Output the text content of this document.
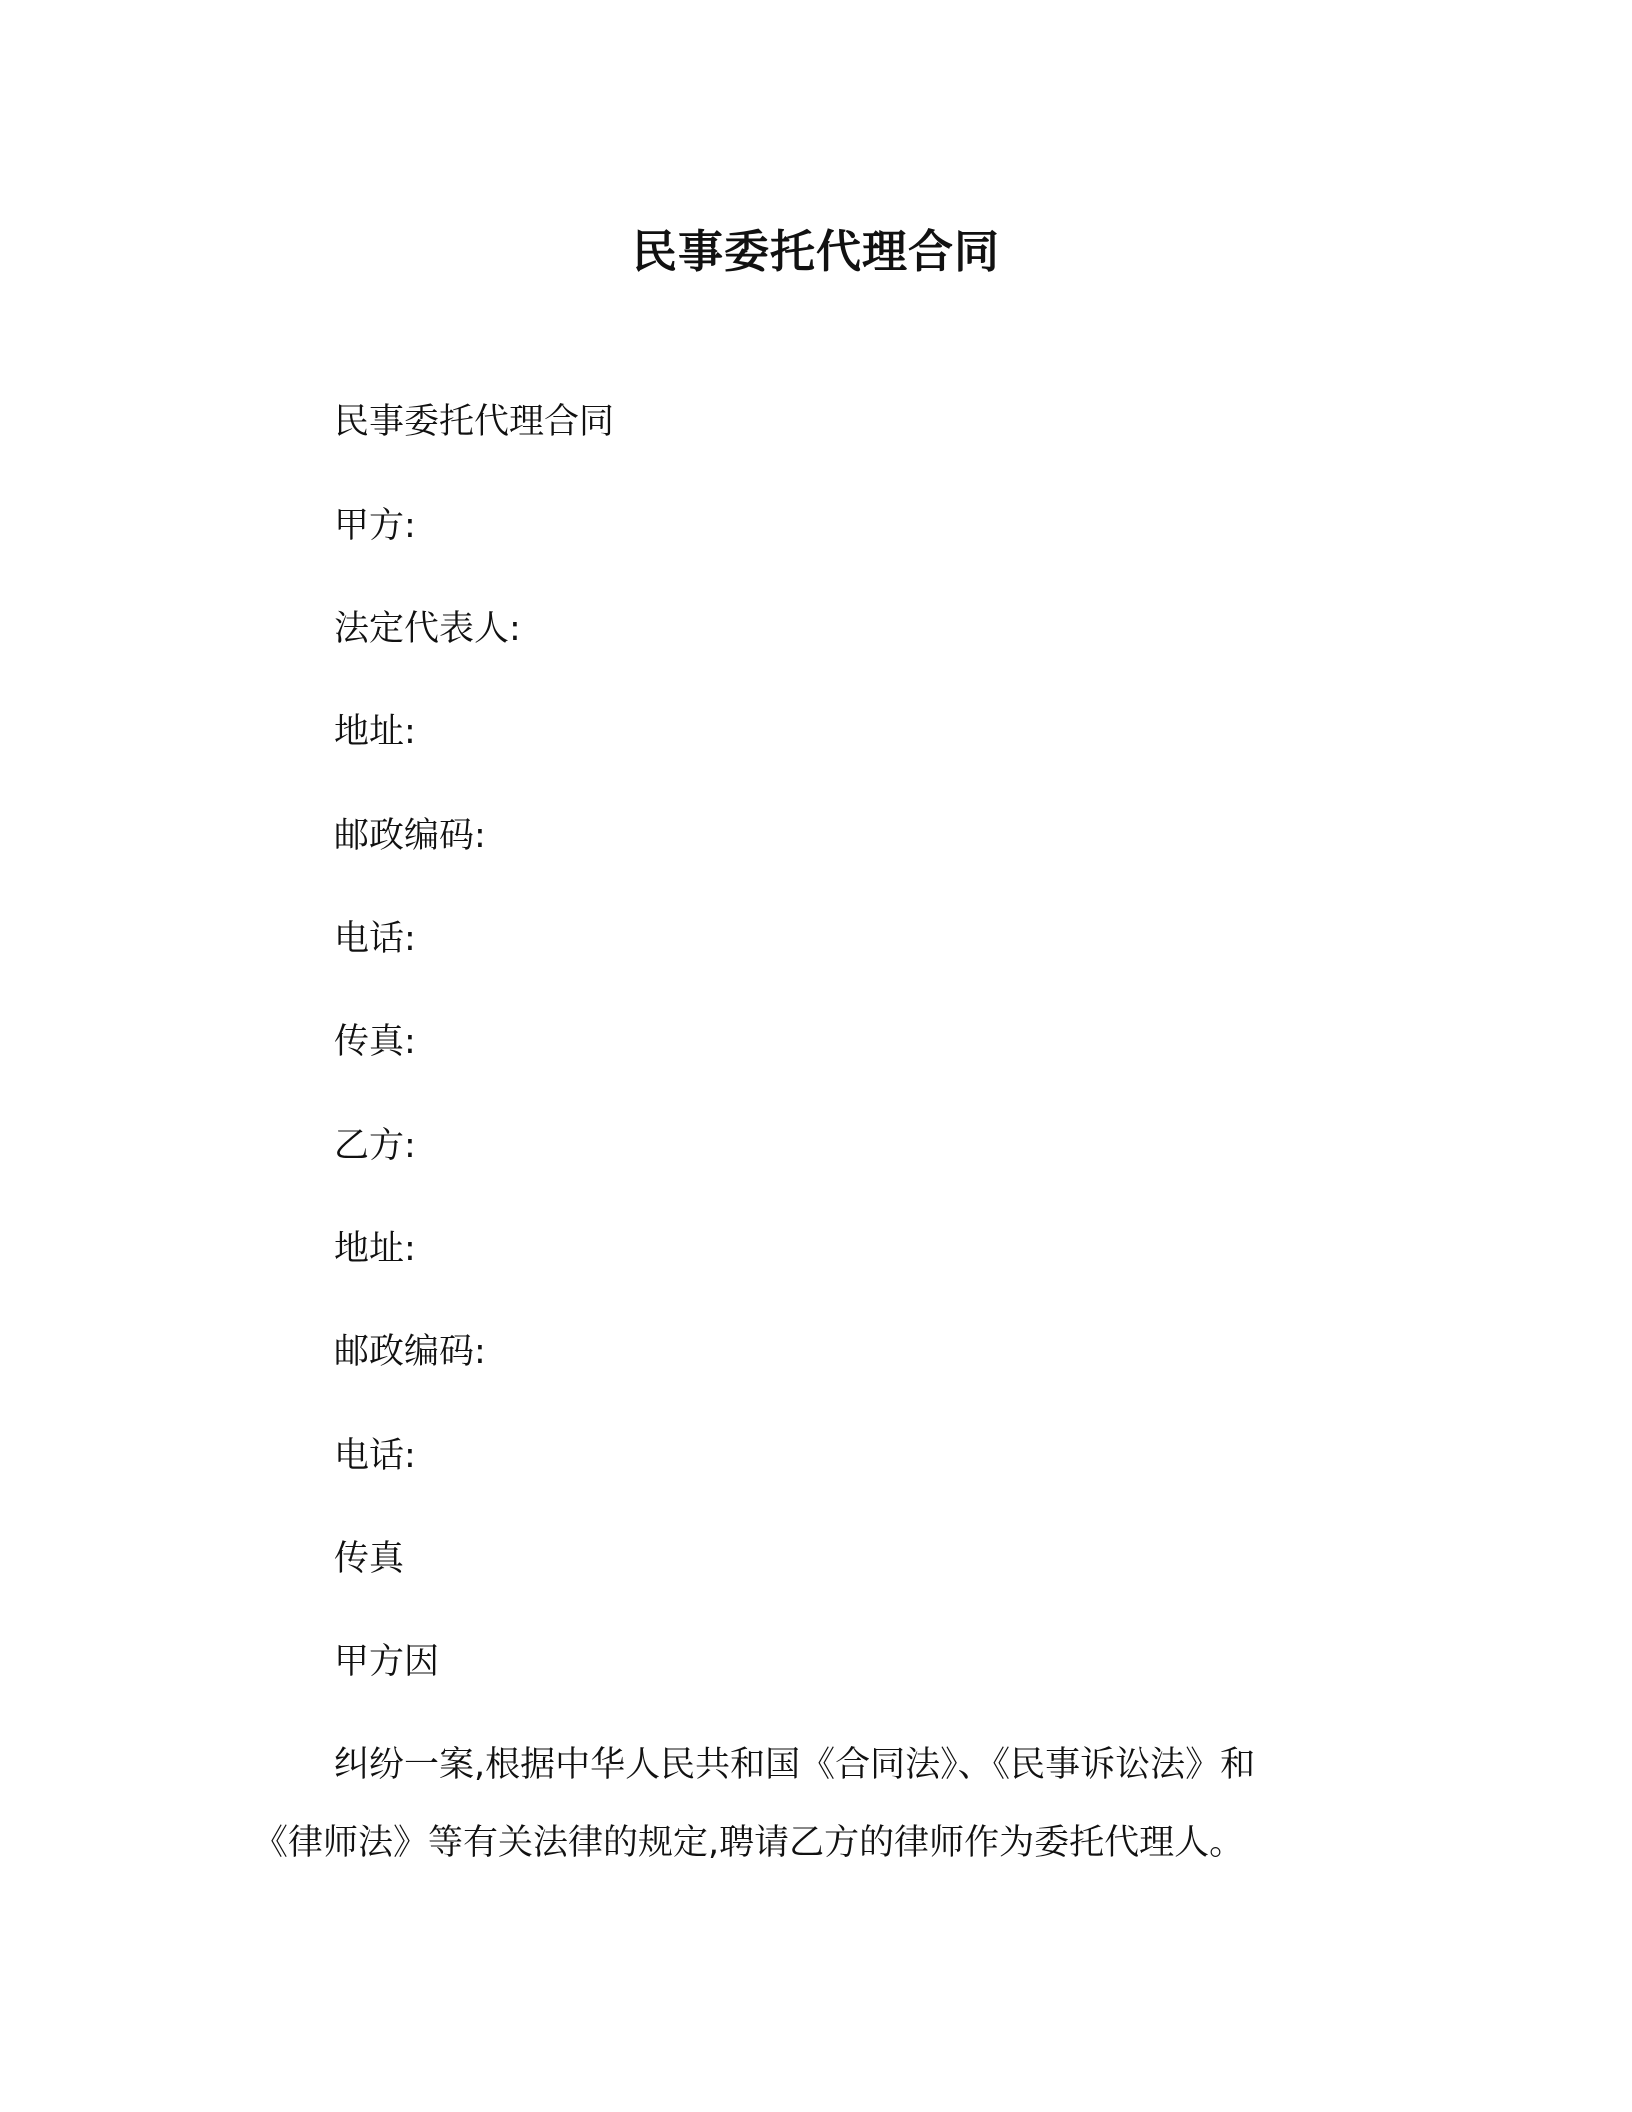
民事委托代理合同
民事委托代理合同
甲方:
法定代表人:
地址:
邮政编码:
电话:
传真:
乙方:
地址:
邮政编码:
电话:
传真
甲方因
纠纷一案,根据中华人民共和国《合同法》、《民事诉讼法》和
《律师法》等有关法律的规定,聘请乙方的律师作为委托代理人。
